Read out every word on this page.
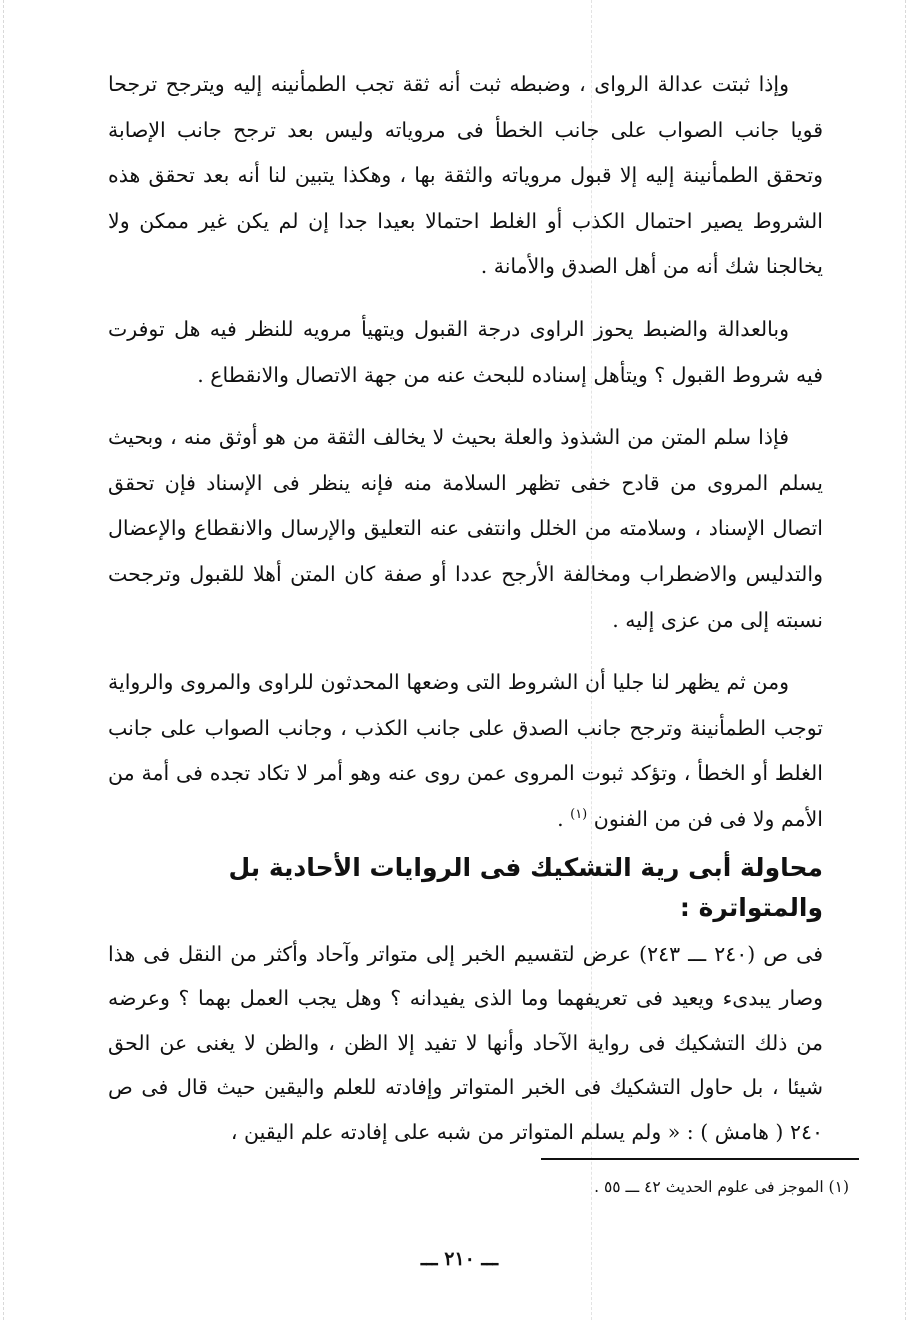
وإذا ثبتت عدالة الرواى ، وضبطه ثبت أنه ثقة تجب الطمأنينه إليه ويترجح ترجحا قويا جانب الصواب على جانب الخطأ فى مروياته وليس بعد ترجح جانب الإصابة وتحقق الطمأنينة إليه إلا قبول مروياته والثقة بها ، وهكذا يتبين لنا أنه بعد تحقق هذه الشروط يصير احتمال الكذب أو الغلط احتمالا بعيدا جدا إن لم يكن غير ممكن ولا يخالجنا شك أنه من أهل الصدق والأمانة .

وبالعدالة والضبط يحوز الراوى درجة القبول ويتهيأ مرويه للنظر فيه هل توفرت فيه شروط القبول ؟ ويتأهل إسناده للبحث عنه من جهة الاتصال والانقطاع .

فإذا سلم المتن من الشذوذ والعلة بحيث لا يخالف الثقة من هو أوثق منه ، وبحيث يسلم المروى من قادح خفى تظهر السلامة منه فإنه ينظر فى الإسناد فإن تحقق اتصال الإسناد ، وسلامته من الخلل وانتفى عنه التعليق والإرسال والانقطاع والإعضال والتدليس والاضطراب ومخالفة الأرجح عددا أو صفة كان المتن أهلا للقبول وترجحت نسبته إلى من عزى إليه .

ومن ثم يظهر لنا جليا أن الشروط التى وضعها المحدثون للراوى والمروى والرواية توجب الطمأنينة وترجح جانب الصدق على جانب الكذب ، وجانب الصواب على جانب الغلط أو الخطأ ، وتؤكد ثبوت المروى عمن روى عنه وهو أمر لا تكاد تجده فى أمة من الأمم ولا فى فن من الفنون $^{(١)}$ .

محاولة أبى رية التشكيك فى الروايات الأحادية بل والمتواترة :

فى ص (٢٤٠ ـــ ٢٤٣) عرض لتقسيم الخبر إلى متواتر وآحاد وأكثر من النقل فى هذا وصار يبدىء ويعيد فى تعريفهما وما الذى يفيدانه ؟ وهل يجب العمل بهما ؟ وعرضه من ذلك التشكيك فى رواية الآحاد وأنها لا تفيد إلا الظن ، والظن لا يغنى عن الحق شيئا ، بل حاول التشكيك فى الخبر المتواتر وإفادته للعلم واليقين حيث قال فى ص ٢٤٠ ( هامش ) : « ولم يسلم المتواتر من شبه على إفادته علم اليقين ،

(١) الموجز فى علوم الحديث ٤٢ ـــ ٥٥ .
ـــ ٢١٠ ـــ
